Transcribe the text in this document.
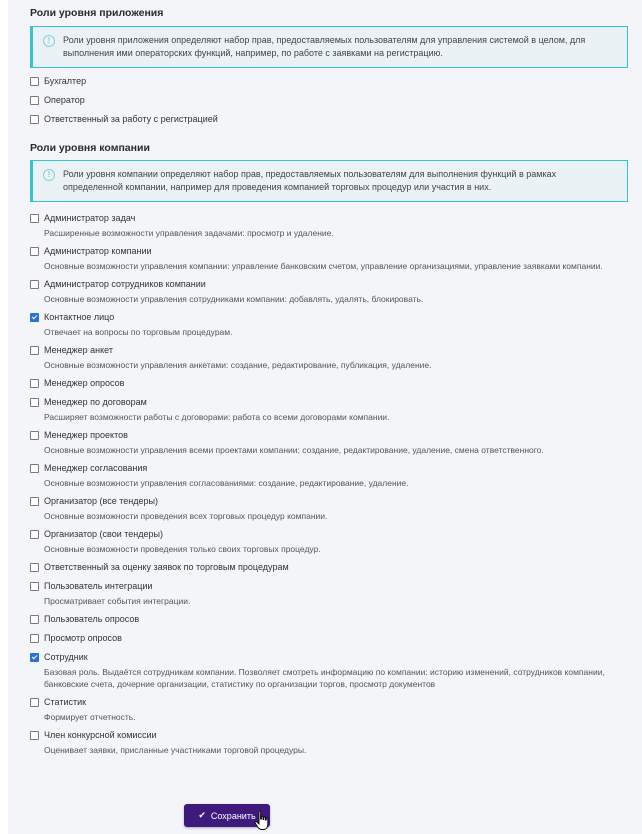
Роли уровня приложения
!	Роли уровня приложения определяют набор прав, предоставляемых пользователям для управления системой в целом, для выполнения ими операторских функций, например, по работе с заявками на регистрацию.
Бухгалтер
Оператор
Ответственный за работу с регистрацией
Роли уровня компании
!	Роли уровня компании определяют набор прав, предоставляемых пользователям для выполнения функций в рамках определенной компании, например для проведения компанией торговых процедур или участия в них.
Администратор задач
Расширенные возможности управления задачами: просмотр и удаление.
Администратор компании
Основные возможности управления компании: управление банковским счетом, управление организациями, управление заявками компании.
Администратор сотрудников компании
Основные возможности управления сотрудниками компании: добавлять, удалять, блокировать.
Контактное лицо
Отвечает на вопросы по торговым процедурам.
Менеджер анкет
Основные возможности управления анкетами: создание, редактирование, публикация, удаление.
Менеджер опросов
Менеджер по договорам
Расширяет возможности работы с договорами: работа со всеми договорами компании.
Менеджер проектов
Основные возможности управления всеми проектами компании: создание, редактирование, удаление, смена ответственного.
Менеджер согласования
Основные возможности управления согласованиями: создание, редактирование, удаление.
Организатор (все тендеры)
Основные возможности проведения всех торговых процедур компании.
Организатор (свои тендеры)
Основные возможности проведения только своих торговых процедур.
Ответственный за оценку заявок по торговым процедурам
Пользователь интеграции
Просматривает события интеграции.
Пользователь опросов
Просмотр опросов
Сотрудник
Базовая роль. Выдаётся сотрудникам компании. Позволяет смотреть информацию по компании: историю изменений, сотрудников компании, банковские счета, дочерние организации, статистику по организации торгов, просмотр документов
Статистик
Формирует отчетность.
Член конкурсной комиссии
Оценивает заявки, присланные участниками торговой процедуры.
✔ Сохранить
